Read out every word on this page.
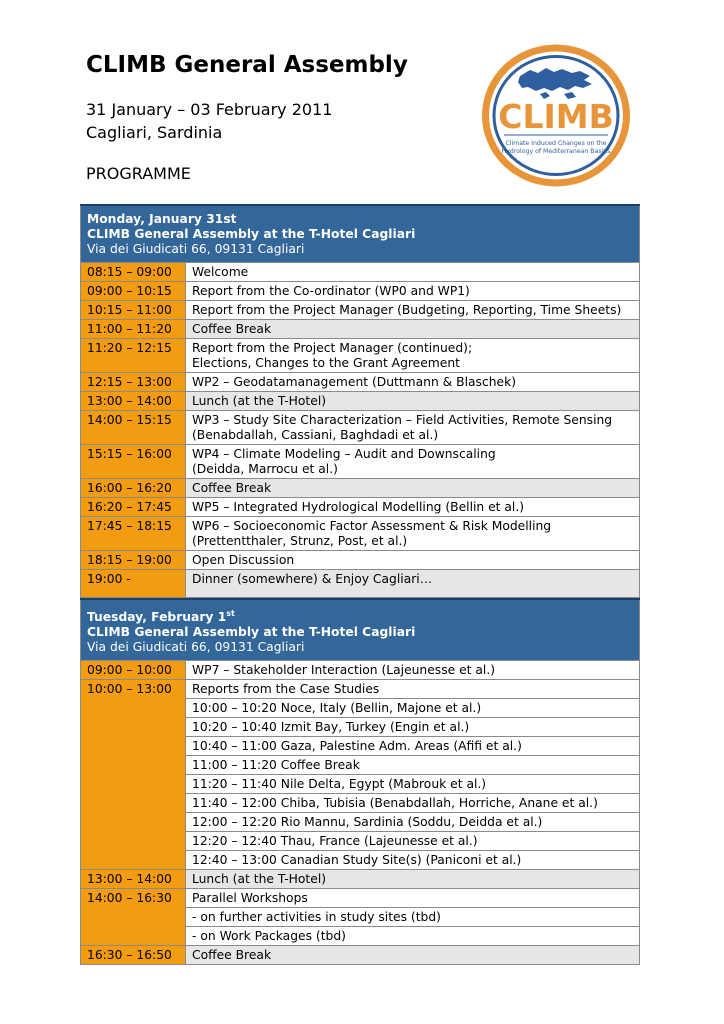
CLIMB General Assembly
31 January – 03 February 2011
Cagliari, Sardinia
PROGRAMME
CLIMB
Climate Induced Changes on the
Hydrology of Mediterranean Basins
Monday, January 31st
CLIMB General Assembly at the T-Hotel Cagliari
Via dei Giudicati 66, 09131 Cagliari	

08:15 – 09:00	Welcome

09:00 – 10:15	Report from the Co-ordinator (WP0 and WP1)

10:15 – 11:00	Report from the Project Manager (Budgeting, Reporting, Time Sheets)

11:00 – 11:20	Coffee Break

11:20 – 12:15	Report from the Project Manager (continued);
Elections, Changes to the Grant Agreement

12:15 – 13:00	WP2 – Geodatamanagement (Duttmann & Blaschek)

13:00 – 14:00	Lunch (at the T-Hotel)

14:00 – 15:15	WP3 – Study Site Characterization – Field Activities, Remote Sensing
(Benabdallah, Cassiani, Baghdadi et al.)

15:15 – 16:00	WP4 – Climate Modeling – Audit and Downscaling
(Deidda, Marrocu et al.)

16:00 – 16:20	Coffee Break

16:20 – 17:45	WP5 – Integrated Hydrological Modelling (Bellin et al.)

17:45 – 18:15	WP6 – Socioeconomic Factor Assessment & Risk Modelling
(Prettentthaler, Strunz, Post, et al.)

18:15 – 19:00	Open Discussion

19:00 -	Dinner (somewhere) & Enjoy Cagliari…
Tuesday, February 1st
CLIMB General Assembly at the T-Hotel Cagliari
Via dei Giudicati 66, 09131 Cagliari	

09:00 – 10:00	WP7 – Stakeholder Interaction (Lajeunesse et al.)
10:00 – 13:00	Reports from the Case Studies
	10:00 – 10:20 Noce, Italy (Bellin, Majone et al.)
	10:20 – 10:40 Izmit Bay, Turkey (Engin et al.)
	10:40 – 11:00 Gaza, Palestine Adm. Areas (Afifi et al.)
	11:00 – 11:20 Coffee Break
	11:20 – 11:40 Nile Delta, Egypt (Mabrouk et al.)
	11:40 – 12:00 Chiba, Tubisia (Benabdallah, Horriche, Anane et al.)
	12:00 – 12:20 Rio Mannu, Sardinia (Soddu, Deidda et al.)
	12:20 – 12:40 Thau, France (Lajeunesse et al.)
	12:40 – 13:00 Canadian Study Site(s) (Paniconi et al.)
13:00 – 14:00	Lunch (at the T-Hotel)
14:00 – 16:30	Parallel Workshops
	- on further activities in study sites (tbd)
	- on Work Packages (tbd)
16:30 – 16:50	Coffee Break
